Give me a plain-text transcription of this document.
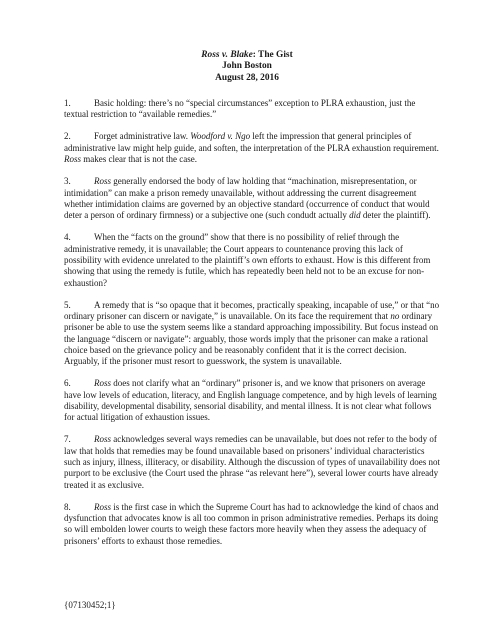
Ross v. Blake: The Gist
John Boston
August 28, 2016

1.	Basic holding: there’s no “special circumstances” exception to PLRA exhaustion, just the textual restriction to “available remedies.”

2.	Forget administrative law. Woodford v. Ngo left the impression that general principles of administrative law might help guide, and soften, the interpretation of the PLRA exhaustion requirement. Ross makes clear that is not the case.

3.	Ross generally endorsed the body of law holding that “machination, misrepresentation, or intimidation” can make a prison remedy unavailable, without addressing the current disagreement whether intimidation claims are governed by an objective standard (occurrence of conduct that would deter a person of ordinary firmness) or a subjective one (such condudt actually did deter the plaintiff).

4.	When the “facts on the ground” show that there is no possibility of relief through the administrative remedy, it is unavailable; the Court appears to countenance proving this lack of possibility with evidence unrelated to the plaintiff’s own efforts to exhaust. How is this different from showing that using the remedy is futile, which has repeatedly been held not to be an excuse for non-exhaustion?

5.	A remedy that is “so opaque that it becomes, practically speaking, incapable of use,” or that “no ordinary prisoner can discern or navigate,” is unavailable. On its face the requirement that no ordinary prisoner be able to use the system seems like a standard approaching impossibility. But focus instead on the language “discern or navigate”: arguably, those words imply that the prisoner can make a rational choice based on the grievance policy and be reasonably confident that it is the correct decision. Arguably, if the prisoner must resort to guesswork, the system is unavailable.

6.	Ross does not clarify what an “ordinary” prisoner is, and we know that prisoners on average have low levels of education, literacy, and English language competence, and by high levels of learning disability, developmental disability, sensorial disability, and mental illness. It is not clear what follows for actual litigation of exhaustion issues.

7.	Ross acknowledges several ways remedies can be unavailable, but does not refer to the body of law that holds that remedies may be found unavailable based on prisoners’ individual characteristics such as injury, illness, illiteracy, or disability. Although the discussion of types of unavailability does not purport to be exclusive (the Court used the phrase “as relevant here”), several lower courts have already treated it as exclusive.

8.	Ross is the first case in which the Supreme Court has had to acknowledge the kind of chaos and dysfunction that advocates know is all too common in prison administrative remedies. Perhaps its doing so will embolden lower courts to weigh these factors more heavily when they assess the adequacy of prisoners’ efforts to exhaust those remedies.

{07130452;1}
